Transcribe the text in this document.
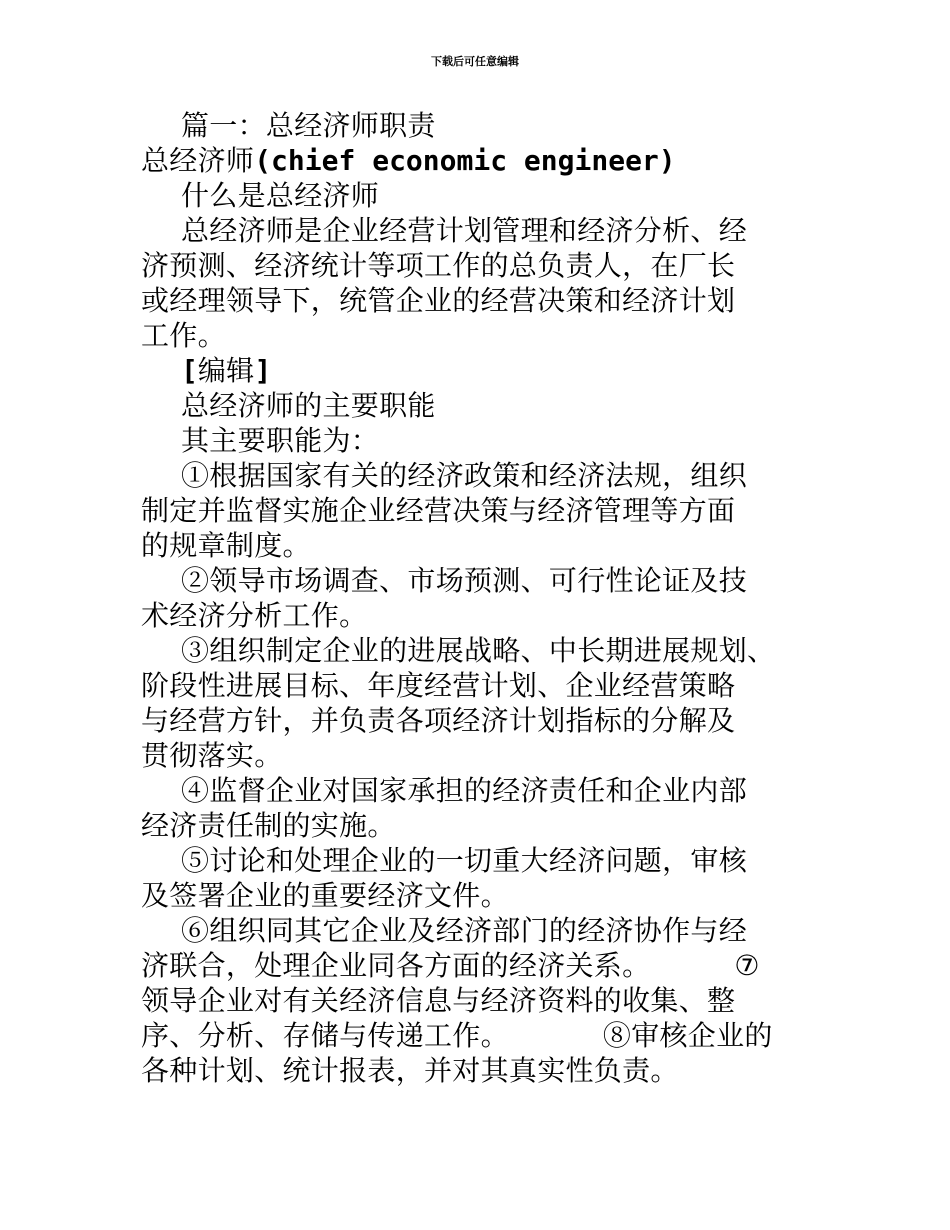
下载后可任意编辑
篇一：总经济师职责
总经济师(chief economic engineer)
什么是总经济师
总经济师是企业经营计划管理和经济分析、经
济预测、经济统计等项工作的总负责人，在厂长
或经理领导下，统管企业的经营决策和经济计划
工作。
[编辑]
总经济师的主要职能
其主要职能为：
①根据国家有关的经济政策和经济法规，组织
制定并监督实施企业经营决策与经济管理等方面
的规章制度。
②领导市场调查、市场预测、可行性论证及技
术经济分析工作。
③组织制定企业的进展战略、中长期进展规划、
阶段性进展目标、年度经营计划、企业经营策略
与经营方针，并负责各项经济计划指标的分解及
贯彻落实。
④监督企业对国家承担的经济责任和企业内部
经济责任制的实施。
⑤讨论和处理企业的一切重大经济问题，审核
及签署企业的重要经济文件。
⑥组织同其它企业及经济部门的经济协作与经
济联合，处理企业同各方面的经济关系。	⑦
领导企业对有关经济信息与经济资料的收集、整
序、分析、存储与传递工作。	⑧审核企业的
各种计划、统计报表，并对其真实性负责。
